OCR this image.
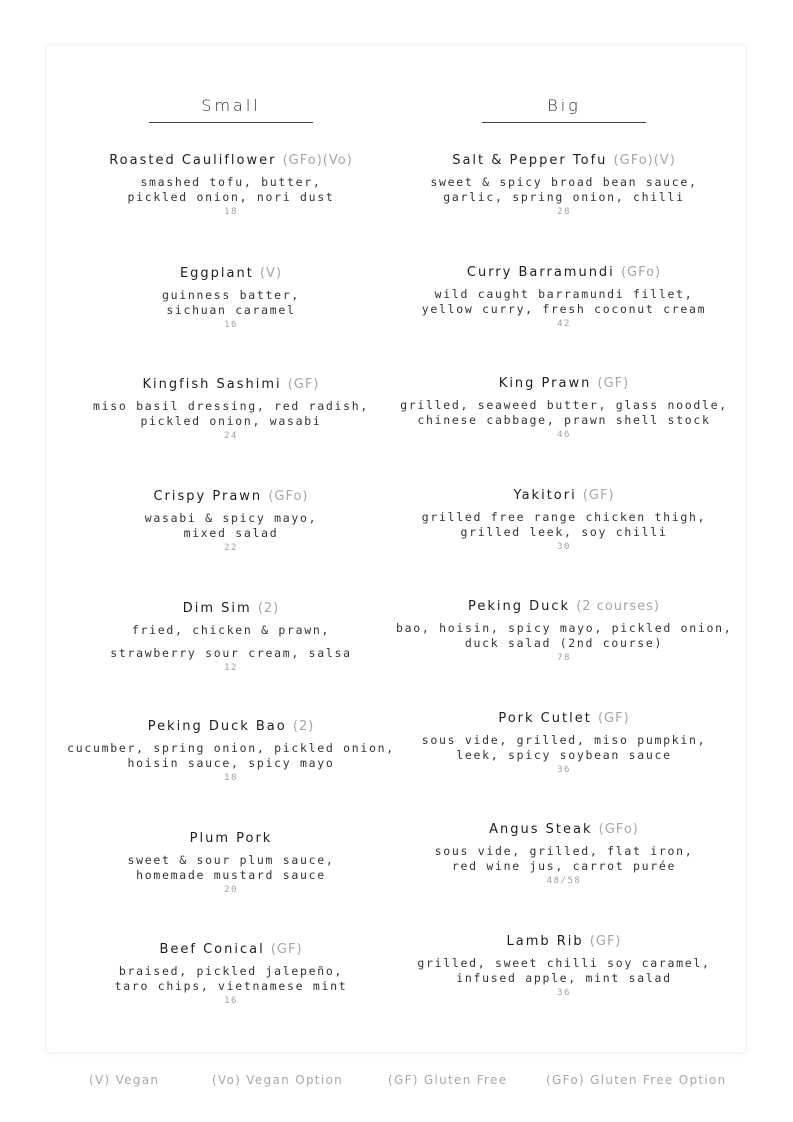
Small
Roasted Cauliflower (GFo)(Vo)
smashed tofu, butter,
pickled onion, nori dust
18
Eggplant (V)
guinness batter,
sichuan caramel
16
Kingfish Sashimi (GF)
miso basil dressing, red radish,
pickled onion, wasabi
24
Crispy Prawn (GFo)
wasabi & spicy mayo,
mixed salad
22
Dim Sim (2)
fried, chicken & prawn,
strawberry sour cream, salsa
12
Peking Duck Bao (2)
cucumber, spring onion, pickled onion,
hoisin sauce, spicy mayo
18
Plum Pork
sweet & sour plum sauce,
homemade mustard sauce
20
Beef Conical (GF)
braised, pickled jalepeño,
taro chips, vietnamese mint
16
Big
Salt & Pepper Tofu (GFo)(V)
sweet & spicy broad bean sauce,
garlic, spring onion, chilli
28
Curry Barramundi (GFo)
wild caught barramundi fillet,
yellow curry, fresh coconut cream
42
King Prawn (GF)
grilled, seaweed butter, glass noodle,
chinese cabbage, prawn shell stock
46
Yakitori (GF)
grilled free range chicken thigh,
grilled leek, soy chilli
30
Peking Duck (2 courses)
bao, hoisin, spicy mayo, pickled onion,
duck salad (2nd course)
78
Pork Cutlet (GF)
sous vide, grilled, miso pumpkin,
leek, spicy soybean sauce
36
Angus Steak (GFo)
sous vide, grilled, flat iron,
red wine jus, carrot purée
48/58
Lamb Rib (GF)
grilled, sweet chilli soy caramel,
infused apple, mint salad
36
(V) Vegan	(Vo) Vegan Option	(GF) Gluten Free	(GFo) Gluten Free Option
